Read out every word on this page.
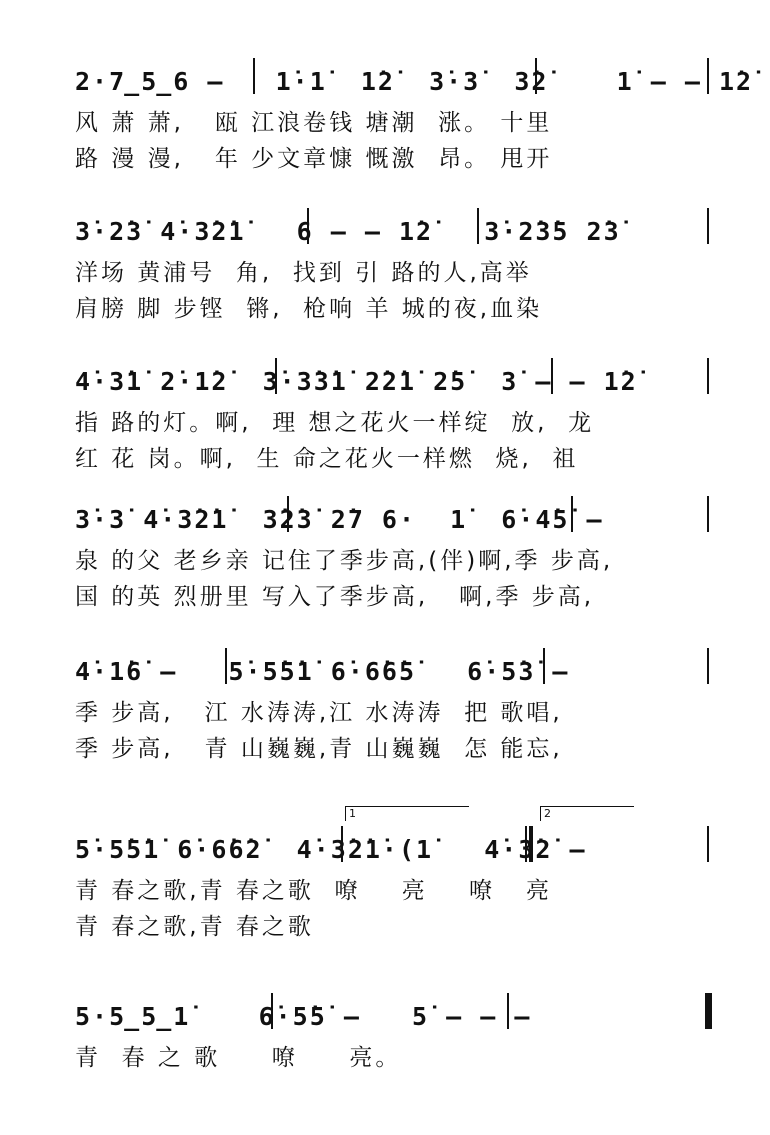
2·7̲5̲6 –   1̇·1̇  1̇2̇  3̇·3̇  3̇2̇    1̇ – – 1̇2̇
风 萧 萧,   瓯 江浪卷钱 塘潮  涨。 十里
路 漫 漫,   年 少文章慷 慨激  昂。 甩开
3̇·2̇3̇ 4̇·3̇2̇1̇   6 – – 1̇2̇   3̇·2̇3̇5 2̇3̇
洋场 黄浦号  角,  找到 引 路的人,高举
肩膀 脚 步铿  锵,  枪响 羊 城的夜,血染
4̇·3̇1̇ 2̇·1̇2̇  3̇·3̇3̇1̇ 2̇2̇1̇ 2̇5̇  3̇ – – 1̇2̇
指 路的灯。啊,  理 想之花火一样绽  放,  龙
红 花 岗。啊,  生 命之花火一样燃  烧,  祖
3̇·3̇ 4̇·3̇2̇1̇  3̇2̇3̇ 2̇7 6·  1̇  6̇·4̇5̇ –
泉 的父 老乡亲 记住了季步高,(伴)啊,季 步高,
国 的英 烈册里 写入了季步高,   啊,季 步高,
4̇·1̇6̇ –   5̇·5̇5̇1̇ 6̇·6̇6̇5̇   6̇·5̇3̇ –
季 步高,   江 水涛涛,江 水涛涛  把 歌唱,
季 步高,   青 山巍巍,青 山巍巍  怎 能忘,
1	2
5̇·5̇5̇1̇ 6̇·6̇6̇2̇  4̇·3̇2̇1̇·(1̇   4̇·3̇2̇ –
青 春之歌,青 春之歌  嘹    亮    嘹   亮
青 春之歌,青 春之歌
5·5̲5̲1̇    6̇·5̇5̇ –   5̇ – – –
青  春 之 歌     嘹     亮。
